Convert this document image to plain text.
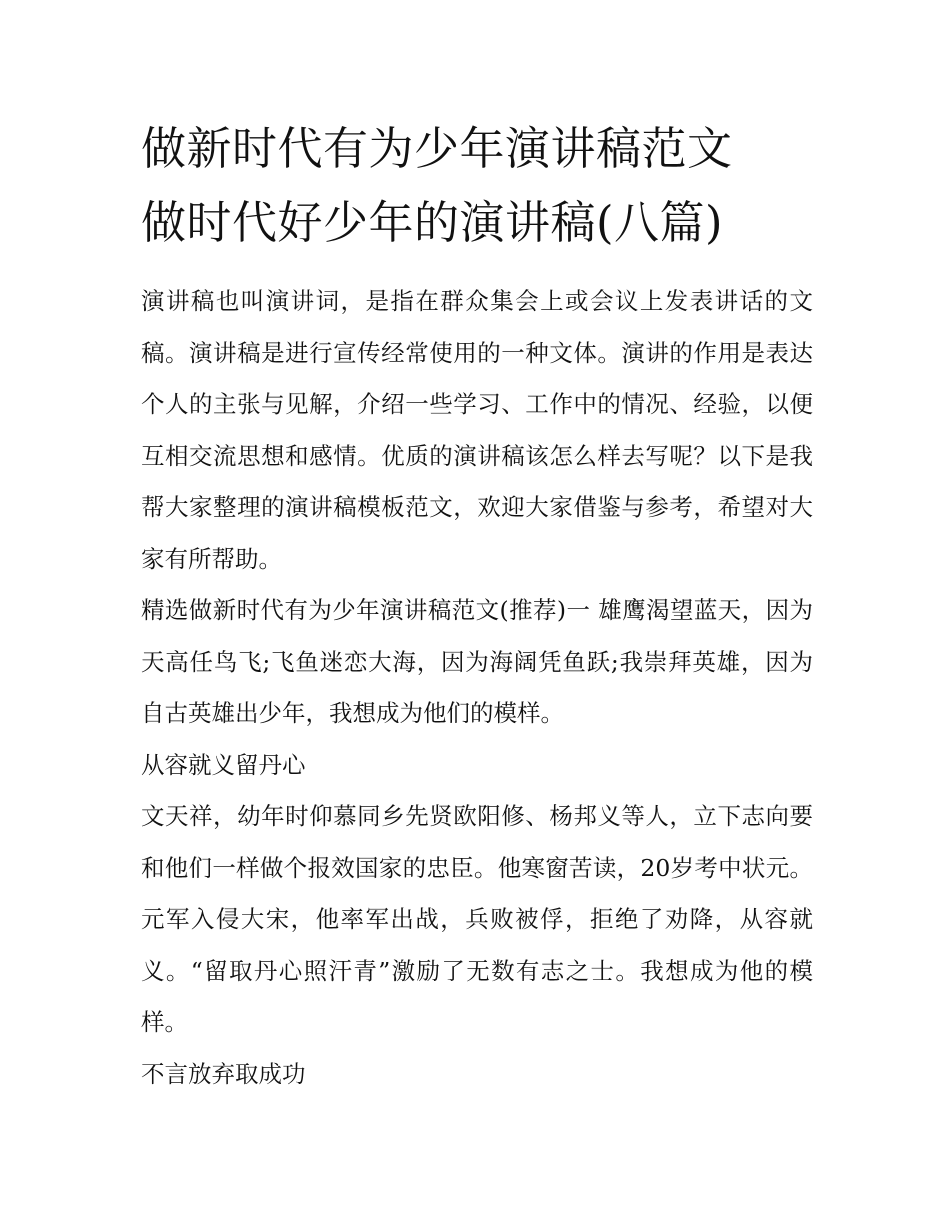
做新时代有为少年演讲稿范文
做时代好少年的演讲稿(八篇)

演讲稿也叫演讲词，是指在群众集会上或会议上发表讲话的文稿。演讲稿是进行宣传经常使用的一种文体。演讲的作用是表达个人的主张与见解，介绍一些学习、工作中的情况、经验，以便互相交流思想和感情。优质的演讲稿该怎么样去写呢？以下是我帮大家整理的演讲稿模板范文，欢迎大家借鉴与参考，希望对大家有所帮助。

精选做新时代有为少年演讲稿范文(推荐)一 雄鹰渴望蓝天，因为天高任鸟飞;飞鱼迷恋大海，因为海阔凭鱼跃;我崇拜英雄，因为自古英雄出少年，我想成为他们的模样。

从容就义留丹心

文天祥，幼年时仰慕同乡先贤欧阳修、杨邦义等人，立下志向要和他们一样做个报效国家的忠臣。他寒窗苦读，20岁考中状元。元军入侵大宋，他率军出战，兵败被俘，拒绝了劝降，从容就义。“留取丹心照汗青”激励了无数有志之士。我想成为他的模样。

不言放弃取成功
